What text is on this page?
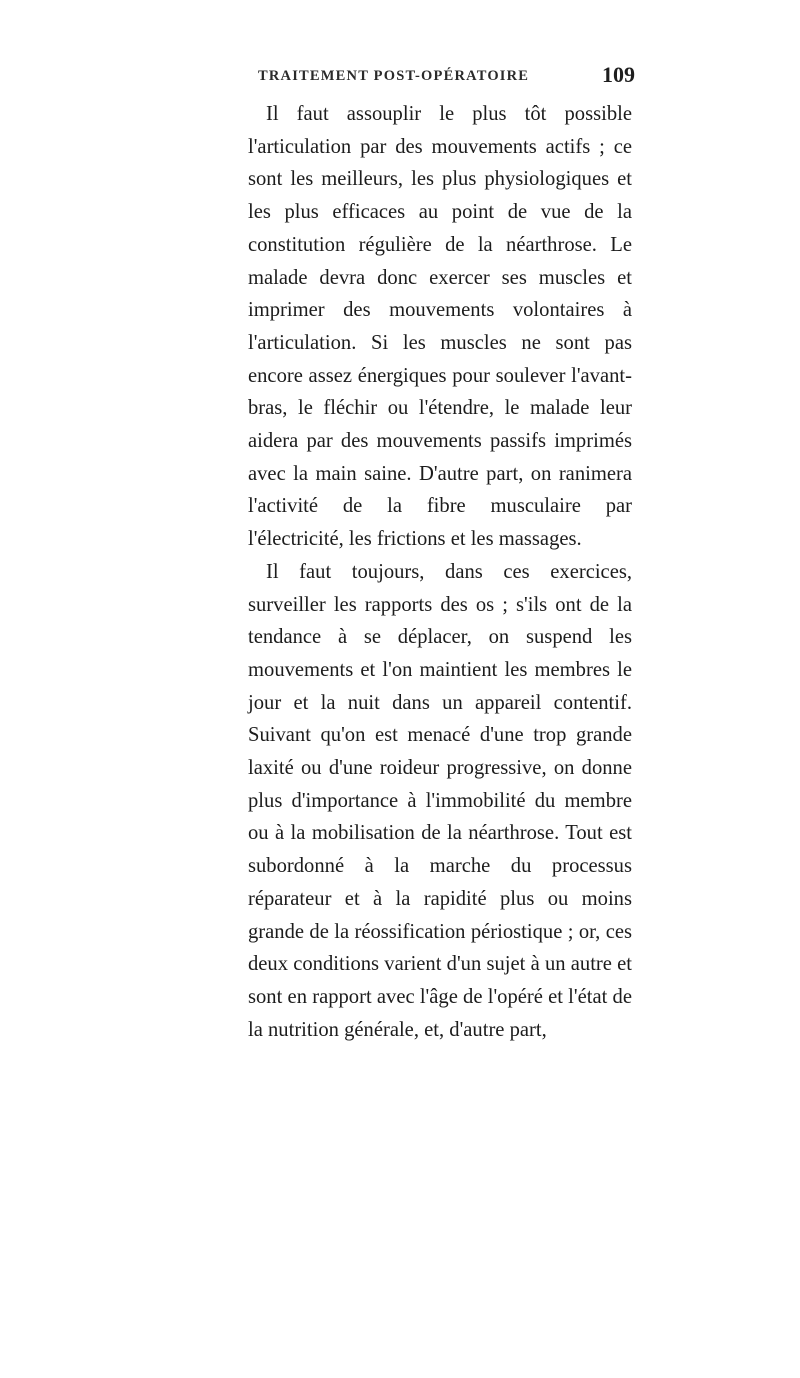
TRAITEMENT POST-OPÉRATOIRE	109

Il faut assouplir le plus tôt possible l'articulation par des mouvements actifs ; ce sont les meilleurs, les plus physiologiques et les plus efficaces au point de vue de la constitution régulière de la néarthrose. Le malade devra donc exercer ses muscles et imprimer des mouvements volontaires à l'articulation. Si les muscles ne sont pas encore assez énergiques pour soulever l'avant-bras, le fléchir ou l'étendre, le malade leur aidera par des mouvements passifs imprimés avec la main saine. D'autre part, on ranimera l'activité de la fibre musculaire par l'électricité, les frictions et les massages.

Il faut toujours, dans ces exercices, surveiller les rapports des os ; s'ils ont de la tendance à se déplacer, on suspend les mouvements et l'on maintient les membres le jour et la nuit dans un appareil contentif. Suivant qu'on est menacé d'une trop grande laxité ou d'une roideur progressive, on donne plus d'importance à l'immobilité du membre ou à la mobilisation de la néarthrose. Tout est subordonné à la marche du processus réparateur et à la rapidité plus ou moins grande de la réossification périostique ; or, ces deux conditions varient d'un sujet à un autre et sont en rapport avec l'âge de l'opéré et l'état de la nutrition générale, et, d'autre part,
